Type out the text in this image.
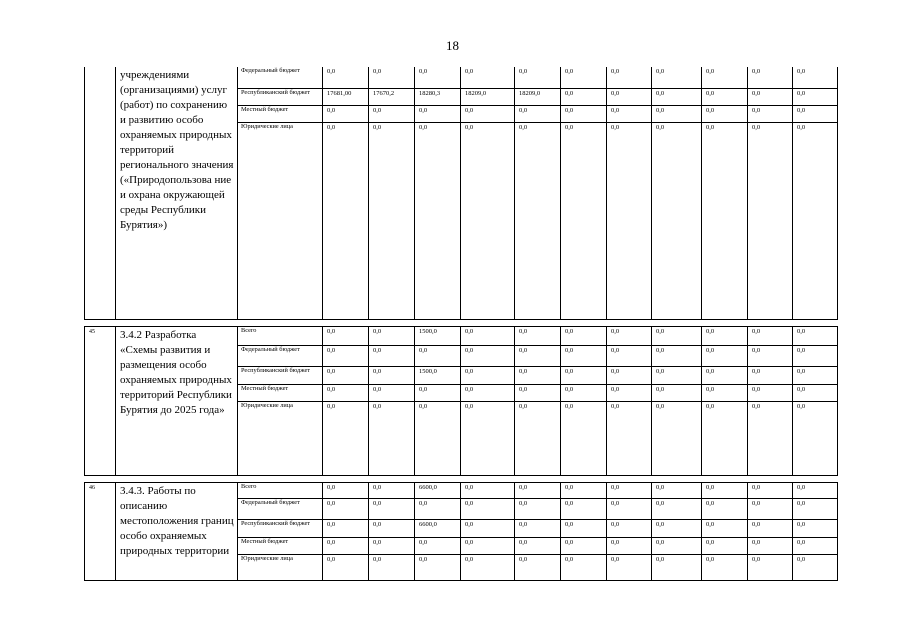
18
	учреждениями (организациями) услуг (работ) по сохранению и развитию особо охраняемых природных территорий регионального значения («Природопользова ние и охрана окружающей среды Республики Бурятия»)	Федеральный бюджет	0,0	0,0	0,0	0,0	0,0	0,0	0,0	0,0	0,0	0,0	0,0
		Республиканский бюджет	17681,00	17670,2	18280,3	18209,0	18209,0	0,0	0,0	0,0	0,0	0,0	0,0
		Местный бюджет	0,0	0,0	0,0	0,0	0,0	0,0	0,0	0,0	0,0	0,0	0,0
		Юридические лица	0,0	0,0	0,0	0,0	0,0	0,0	0,0	0,0	0,0	0,0	0,0

45	3.4.2 Разработка «Схемы развития и размещения особо охраняемых природных территорий Республики Бурятия до 2025 года»	Всего	0,0	0,0	1500,0	0,0	0,0	0,0	0,0	0,0	0,0	0,0	0,0
		Федеральный бюджет	0,0	0,0	0,0	0,0	0,0	0,0	0,0	0,0	0,0	0,0	0,0
		Республиканский бюджет	0,0	0,0	1500,0	0,0	0,0	0,0	0,0	0,0	0,0	0,0	0,0
		Местный бюджет	0,0	0,0	0,0	0,0	0,0	0,0	0,0	0,0	0,0	0,0	0,0
		Юридические лица	0,0	0,0	0,0	0,0	0,0	0,0	0,0	0,0	0,0	0,0	0,0

46	3.4.3. Работы по описанию местоположения границ особо охраняемых природных территории	Всего	0,0	0,0	6600,0	0,0	0,0	0,0	0,0	0,0	0,0	0,0	0,0
		Федеральный бюджет	0,0	0,0	0,0	0,0	0,0	0,0	0,0	0,0	0,0	0,0	0,0
		Республиканский бюджет	0,0	0,0	6600,0	0,0	0,0	0,0	0,0	0,0	0,0	0,0	0,0
		Местный бюджет	0,0	0,0	0,0	0,0	0,0	0,0	0,0	0,0	0,0	0,0	0,0
		Юридические лица	0,0	0,0	0,0	0,0	0,0	0,0	0,0	0,0	0,0	0,0	0,0
